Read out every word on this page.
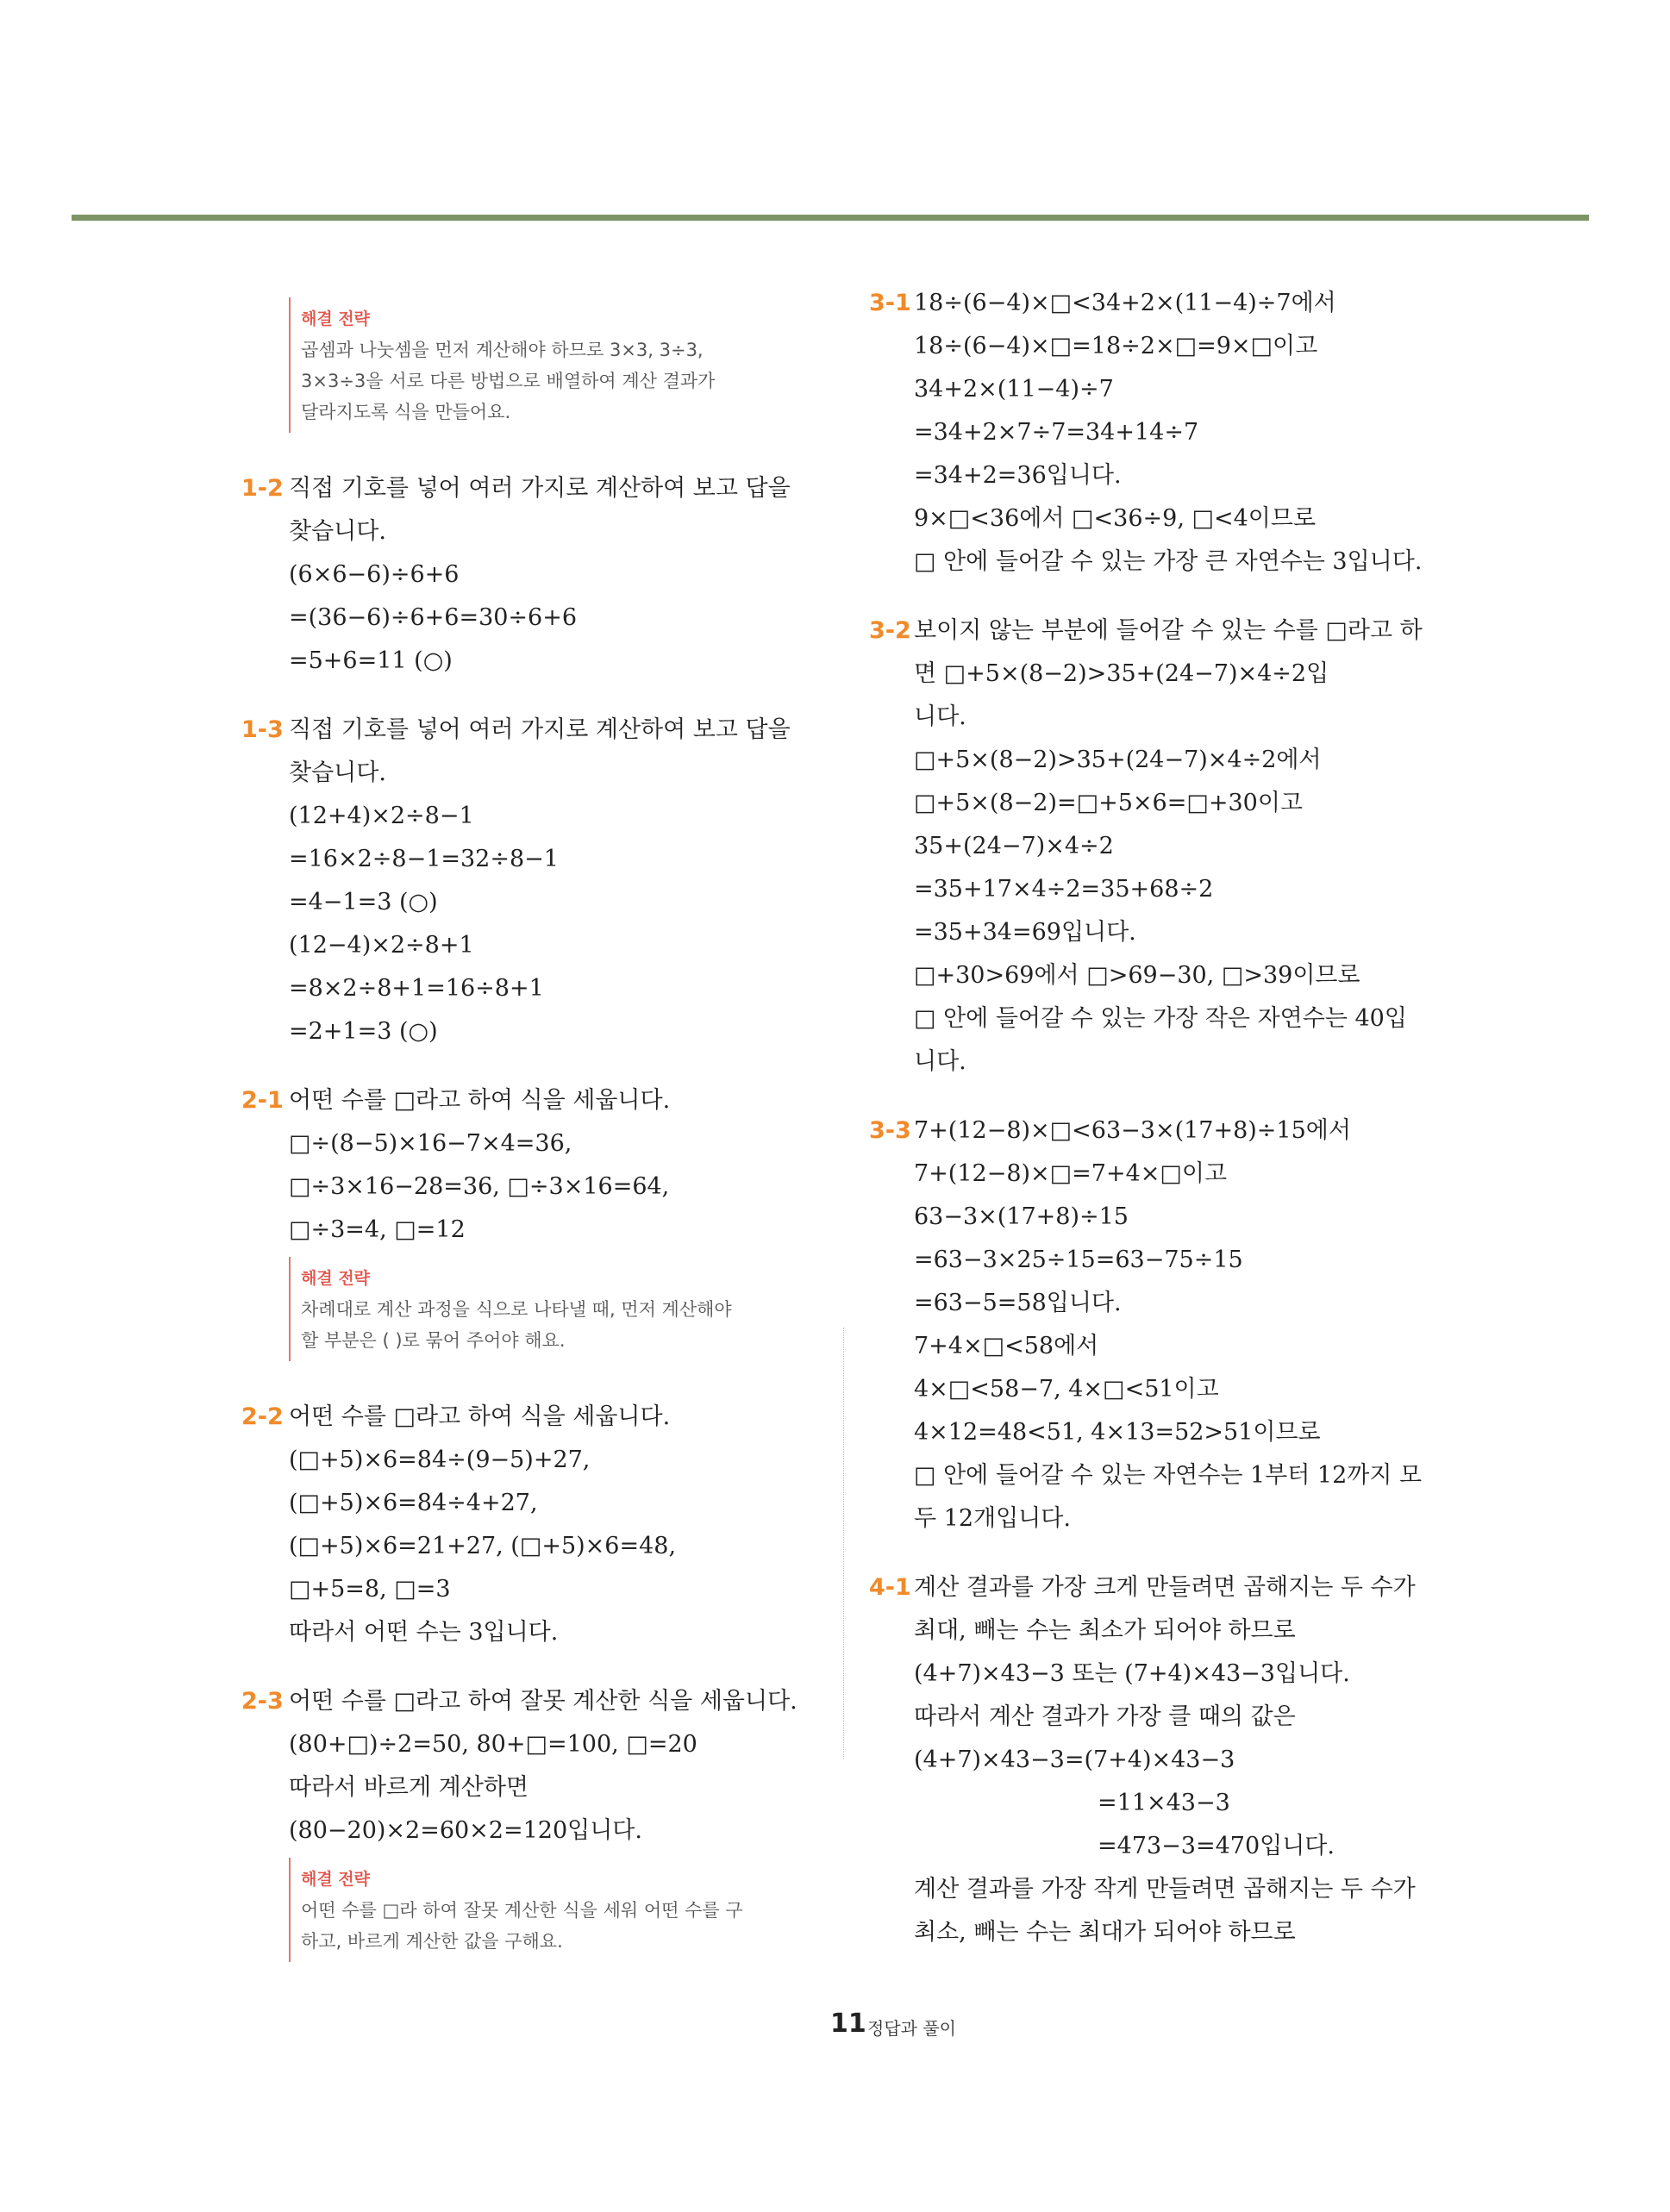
해결 전략
곱셈과 나눗셈을 먼저 계산해야 하므로 3×3, 3÷3,
3×3÷3을 서로 다른 방법으로 배열하여 계산 결과가
달라지도록 식을 만들어요.
1-2 직접 기호를 넣어 여러 가지로 계산하여 보고 답을
찾습니다.
(6×6−6)÷6+6
=(36−6)÷6+6=30÷6+6
=5+6=11 (○)
1-3 직접 기호를 넣어 여러 가지로 계산하여 보고 답을
찾습니다.
(12+4)×2÷8−1
=16×2÷8−1=32÷8−1
=4−1=3 (○)
(12−4)×2÷8+1
=8×2÷8+1=16÷8+1
=2+1=3 (○)
2-1 어떤 수를 □라고 하여 식을 세웁니다.
□÷(8−5)×16−7×4=36,
□÷3×16−28=36, □÷3×16=64,
□÷3=4, □=12
해결 전략
차례대로 계산 과정을 식으로 나타낼 때, 먼저 계산해야
할 부분은 ( )로 묶어 주어야 해요.
2-2 어떤 수를 □라고 하여 식을 세웁니다.
(□+5)×6=84÷(9−5)+27,
(□+5)×6=84÷4+27,
(□+5)×6=21+27, (□+5)×6=48,
□+5=8, □=3
따라서 어떤 수는 3입니다.
2-3 어떤 수를 □라고 하여 잘못 계산한 식을 세웁니다.
(80+□)÷2=50, 80+□=100, □=20
따라서 바르게 계산하면
(80−20)×2=60×2=120입니다.
해결 전략
어떤 수를 □라 하여 잘못 계산한 식을 세워 어떤 수를 구
하고, 바르게 계산한 값을 구해요.
3-1 18÷(6−4)×□<34+2×(11−4)÷7에서
18÷(6−4)×□=18÷2×□=9×□이고
34+2×(11−4)÷7
=34+2×7÷7=34+14÷7
=34+2=36입니다.
9×□<36에서 □<36÷9, □<4이므로
□ 안에 들어갈 수 있는 가장 큰 자연수는 3입니다.
3-2 보이지 않는 부분에 들어갈 수 있는 수를 □라고 하
면 □+5×(8−2)>35+(24−7)×4÷2입
니다.
□+5×(8−2)>35+(24−7)×4÷2에서
□+5×(8−2)=□+5×6=□+30이고
35+(24−7)×4÷2
=35+17×4÷2=35+68÷2
=35+34=69입니다.
□+30>69에서 □>69−30, □>39이므로
□ 안에 들어갈 수 있는 가장 작은 자연수는 40입
니다.
3-3 7+(12−8)×□<63−3×(17+8)÷15에서
7+(12−8)×□=7+4×□이고
63−3×(17+8)÷15
=63−3×25÷15=63−75÷15
=63−5=58입니다.
7+4×□<58에서
4×□<58−7, 4×□<51이고
4×12=48<51, 4×13=52>51이므로
□ 안에 들어갈 수 있는 자연수는 1부터 12까지 모
두 12개입니다.
4-1 계산 결과를 가장 크게 만들려면 곱해지는 두 수가
최대, 빼는 수는 최소가 되어야 하므로
(4+7)×43−3 또는 (7+4)×43−3입니다.
따라서 계산 결과가 가장 클 때의 값은
(4+7)×43−3=(7+4)×43−3
=11×43−3
=473−3=470입니다.
계산 결과를 가장 작게 만들려면 곱해지는 두 수가
최소, 빼는 수는 최대가 되어야 하므로
11 정답과 풀이
